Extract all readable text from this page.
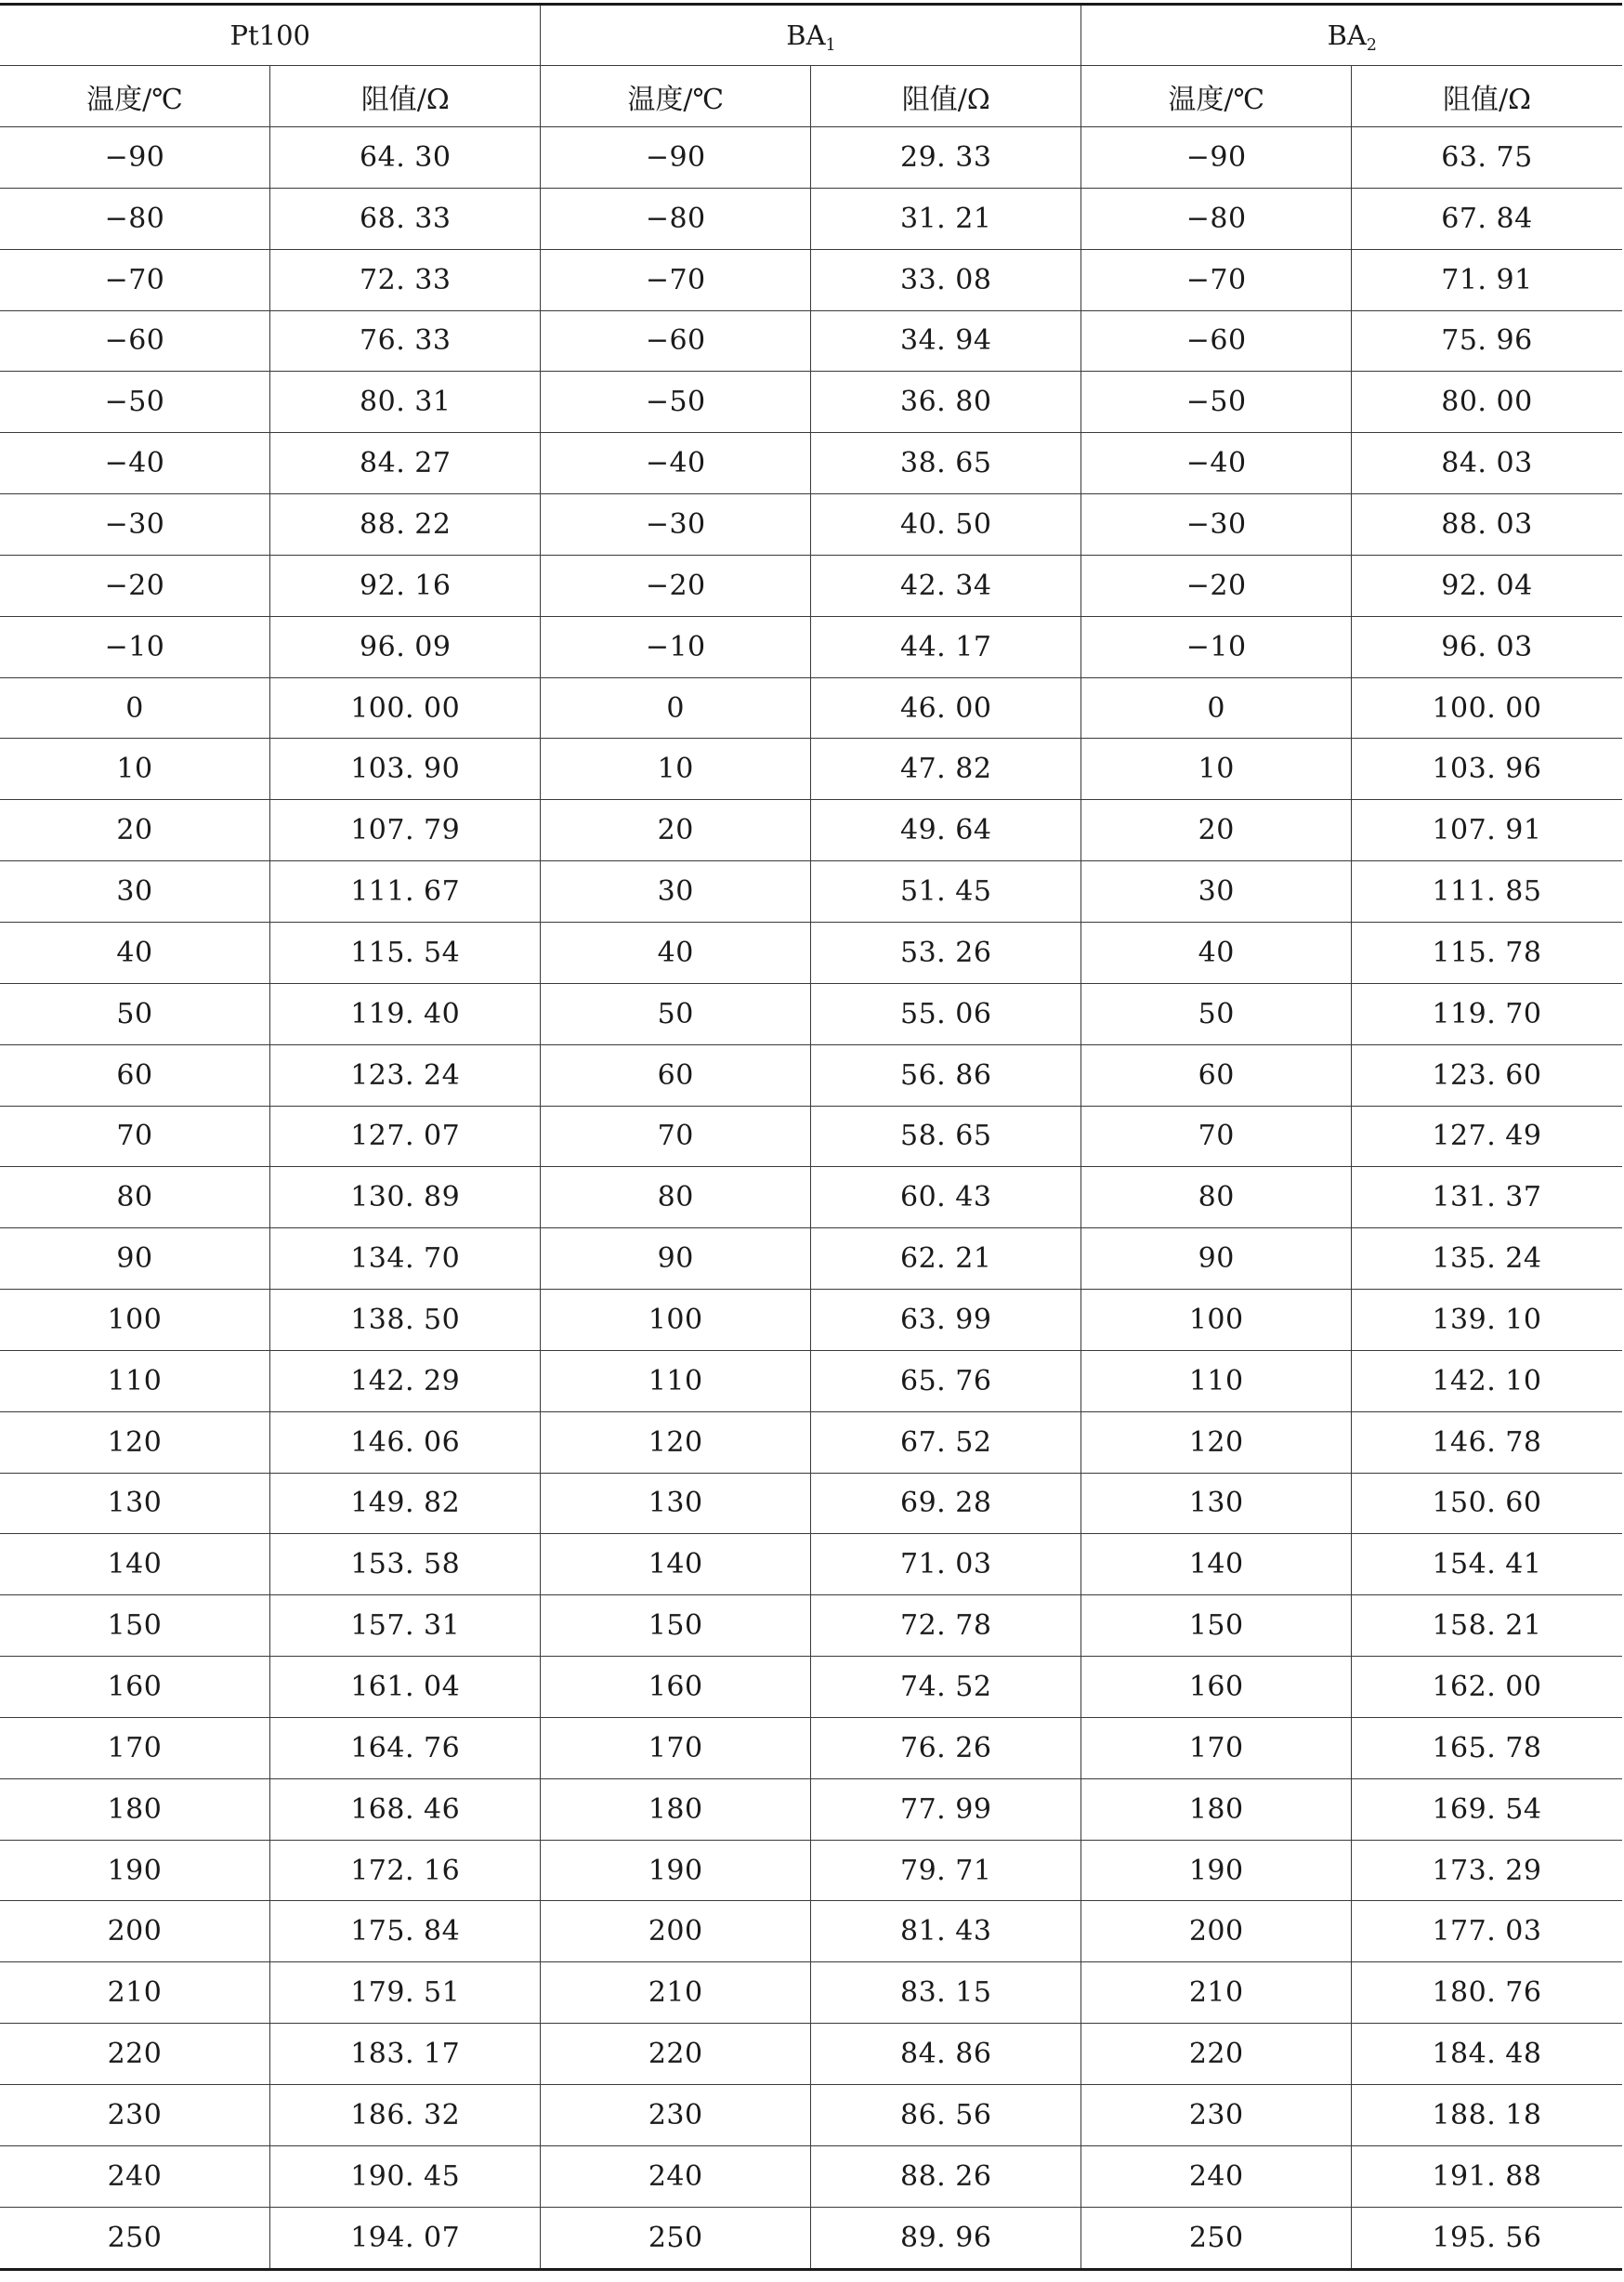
Pt100		$BA_1$		$BA_2$
温度/℃	阻值/Ω	温度/℃	阻值/Ω	温度/℃	阻值/Ω
−90	64. 30	−90	29. 33	−90	63. 75
−80	68. 33	−80	31. 21	−80	67. 84
−70	72. 33	−70	33. 08	−70	71. 91
−60	76. 33	−60	34. 94	−60	75. 96
−50	80. 31	−50	36. 80	−50	80. 00
−40	84. 27	−40	38. 65	−40	84. 03
−30	88. 22	−30	40. 50	−30	88. 03
−20	92. 16	−20	42. 34	−20	92. 04
−10	96. 09	−10	44. 17	−10	96. 03
0	100. 00	0	46. 00	0	100. 00
10	103. 90	10	47. 82	10	103. 96
20	107. 79	20	49. 64	20	107. 91
30	111. 67	30	51. 45	30	111. 85
40	115. 54	40	53. 26	40	115. 78
50	119. 40	50	55. 06	50	119. 70
60	123. 24	60	56. 86	60	123. 60
70	127. 07	70	58. 65	70	127. 49
80	130. 89	80	60. 43	80	131. 37
90	134. 70	90	62. 21	90	135. 24
100	138. 50	100	63. 99	100	139. 10
110	142. 29	110	65. 76	110	142. 10
120	146. 06	120	67. 52	120	146. 78
130	149. 82	130	69. 28	130	150. 60
140	153. 58	140	71. 03	140	154. 41
150	157. 31	150	72. 78	150	158. 21
160	161. 04	160	74. 52	160	162. 00
170	164. 76	170	76. 26	170	165. 78
180	168. 46	180	77. 99	180	169. 54
190	172. 16	190	79. 71	190	173. 29
200	175. 84	200	81. 43	200	177. 03
210	179. 51	210	83. 15	210	180. 76
220	183. 17	220	84. 86	220	184. 48
230	186. 32	230	86. 56	230	188. 18
240	190. 45	240	88. 26	240	191. 88
250	194. 07	250	89. 96	250	195. 56
